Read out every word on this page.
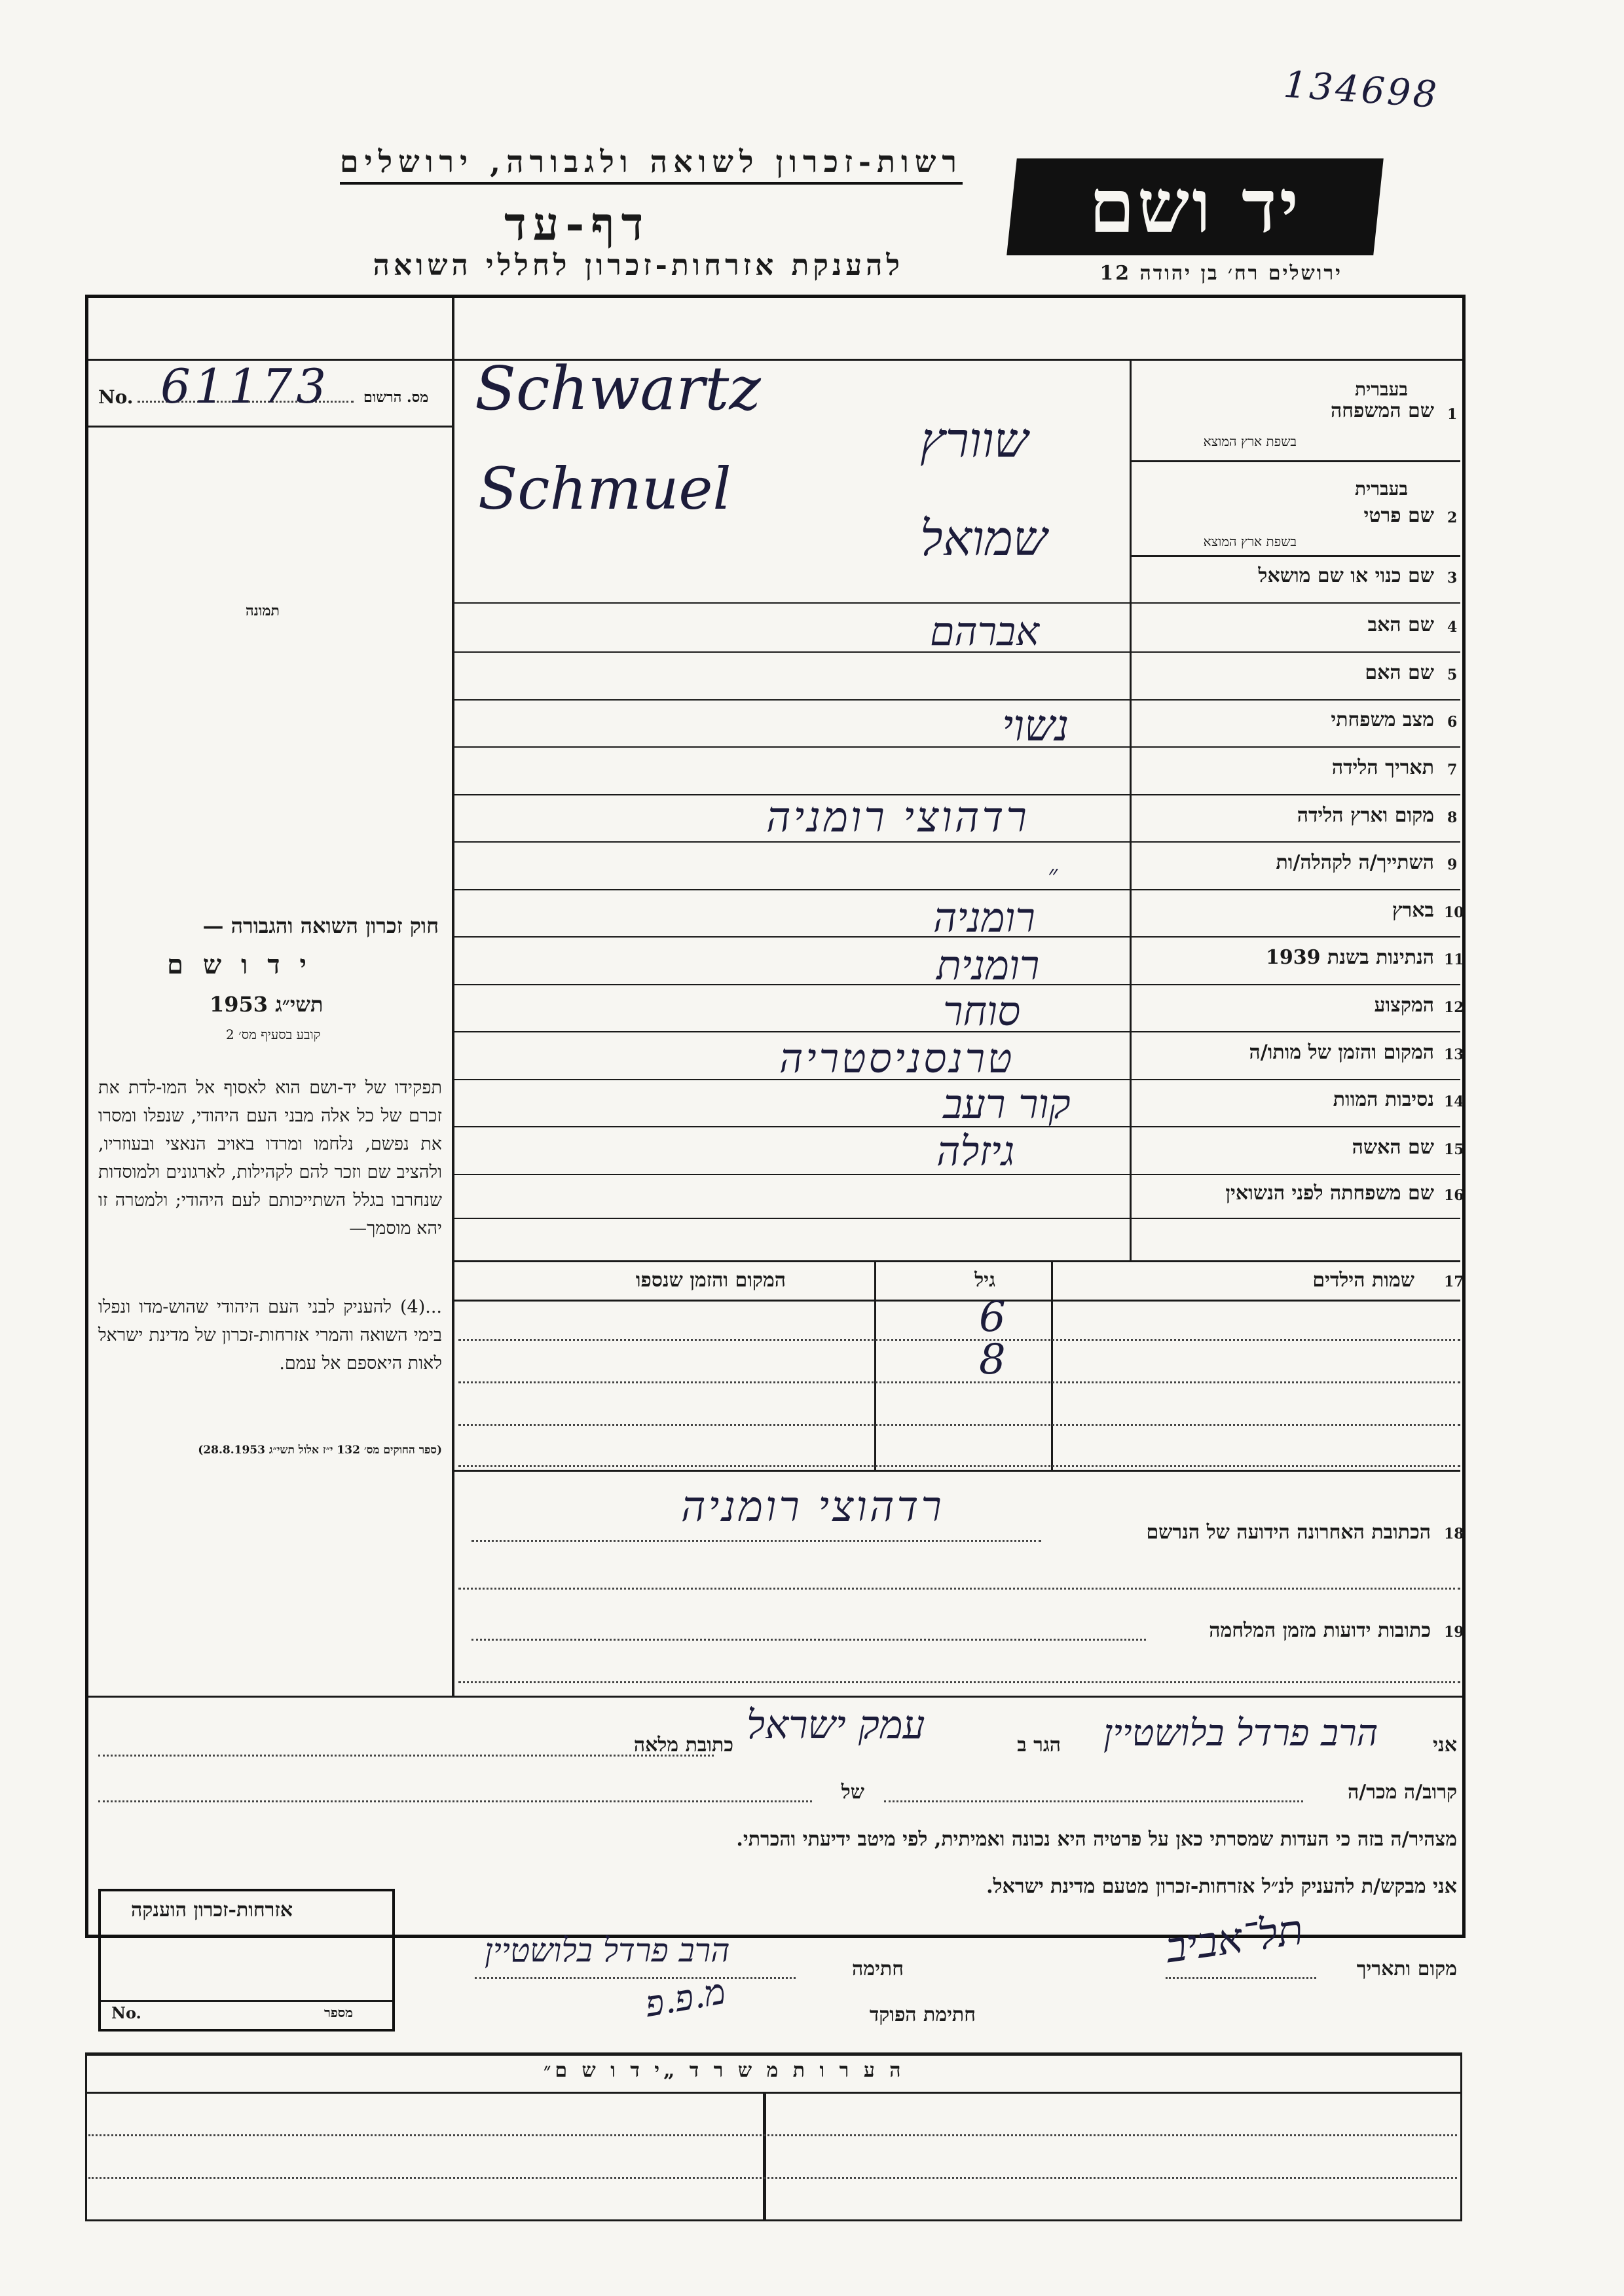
134698
רשות-זכרון לשואה ולגבורה, ירושלים
דף-עד
להענקת אזרחות-זכרון לחללי השואה
יד ושם
ירושלים רח׳ בן יהודה 12
No. 61173 מס. הרשום
תמונה
חוק זכרון השואה והגבורה —
י ד ו ש ם
תשי״ג 1953
קובע בסעיף מס׳ 2
תפקידו של יד-ושם הוא לאסוף אל המו-לדת את זכרם של כל אלה מבני העם היהודי, שנפלו ומסרו את נפשם, נלחמו ומרדו באויב הנאצי ובעוזריו, ולהציב שם וזכר להם לקהילות, לארגונים ולמוסדות שנחרבו בגלל השתייכותם לעם היהודי; ולמטרה זו יהא מוסמך—
...(4) להעניק לבני העם היהודי שהוש-מדו ונפלו בימי השואה והמרי אזרחות-זכרון של מדינת ישראל לאות היאספם אל עמם.
(ספר החוקים מס׳ 132 י״ז אלול תשי״ג 28.8.1953)
שם המשפחה 1
בעברית
בשפת ארץ המוצא
Schwartz
שוורץ
שם פרטי 2
בעברית
בשפת ארץ המוצא
Schmuel
שמואל
שם כנוי או שם מושאל 3
שם האב 4
אברהם
שם האם 5
מצב משפחתי 6
נשוי
תאריך הלידה 7
מקום וארץ הלידה 8
רדהוצי רומניה
השתייך/ה לקהלה/ות 9
״
בארץ 10
רומניה
הנתינות בשנת 1939 11
רומנית
המקצוע 12
סוחר
המקום והזמן של מותו/ה 13
טרנסניסטריה
נסיבות המוות 14
קור רעב
שם האשה 15
גיזלה
שם משפחתה לפני הנשואין 16
17
שמות הילדים
גיל
המקום והזמן שנספו
6
8
18
הכתובת האחרונה הידועה של הנרשם
רדהוצי רומניה
19
כתובות ידועות מזמן המלחמה
אני
הרב פרדל בלושטיין
הגר ב
עמק ישראל
כתובת מלאה
קרוב/ה מכר/ה
של
מצהיר/ה בזה כי העדות שמסרתי כאן על פרטיה היא נכונה ואמיתית, לפי מיטב ידיעתי והכרתי.
אני מבקש/ת להעניק לנ״ל אזרחות-זכרון מטעם מדינת ישראל.
מקום ותאריך
תל־אביב
חתימה
הרב פרדל בלושטיין
חתימת הפוקד
מ.פ.פ
אזרחות-זכרון הוענקה
No.	מספר
ה ע ר ו ת מ ש ר ד „י ד ו ש ם״
